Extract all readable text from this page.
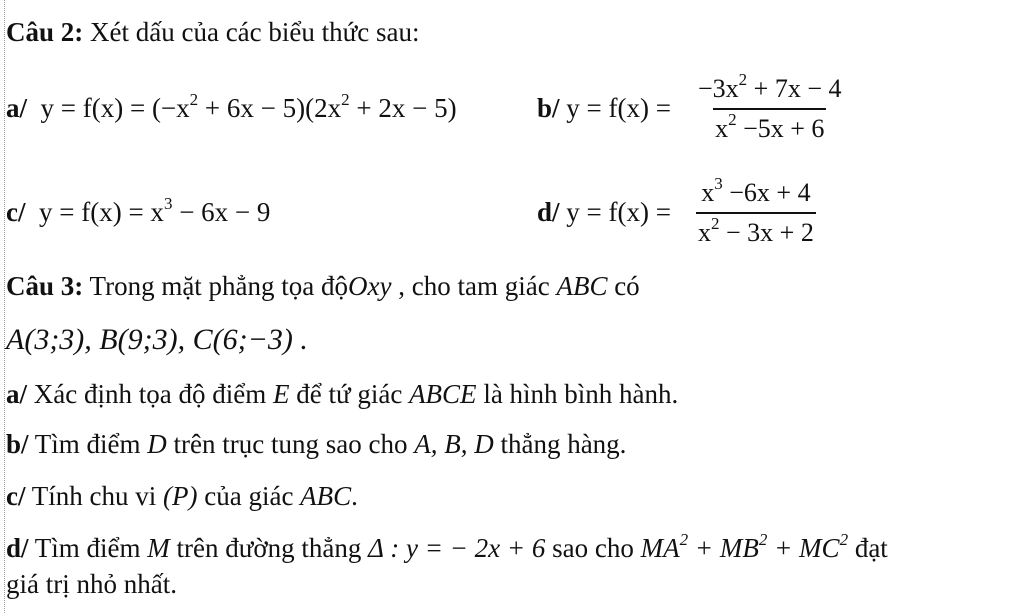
Câu 2: Xét dấu của các biểu thức sau:
a/  $y = f(x) = (-x^2 + 6x - 5)(2x^2 + 2x - 5)$	b/ $y = f(x) = \frac{-3x^2 + 7x - 4}{x^2 -5x + 6}$
c/  $y = f(x) = x^3 - 6x - 9$	d/ $y = f(x) = \frac{x^3 -6x + 4}{x^2 - 3x + 2}$
Câu 3: Trong mặt phẳng tọa độOxy , cho tam giác ABC có
A(3;3), B(9;3), C(6;−3) .
a/ Xác định tọa độ điểm E để tứ giác ABCE là hình bình hành.
b/ Tìm điểm D trên trục tung sao cho A, B, D thẳng hàng.
c/ Tính chu vi (P) của giác ABC.
d/ Tìm điểm M trên đường thẳng Δ : y = − 2x + 6 sao cho $MA^2 + MB^2 + MC^2$ đạt
giá trị nhỏ nhất.
